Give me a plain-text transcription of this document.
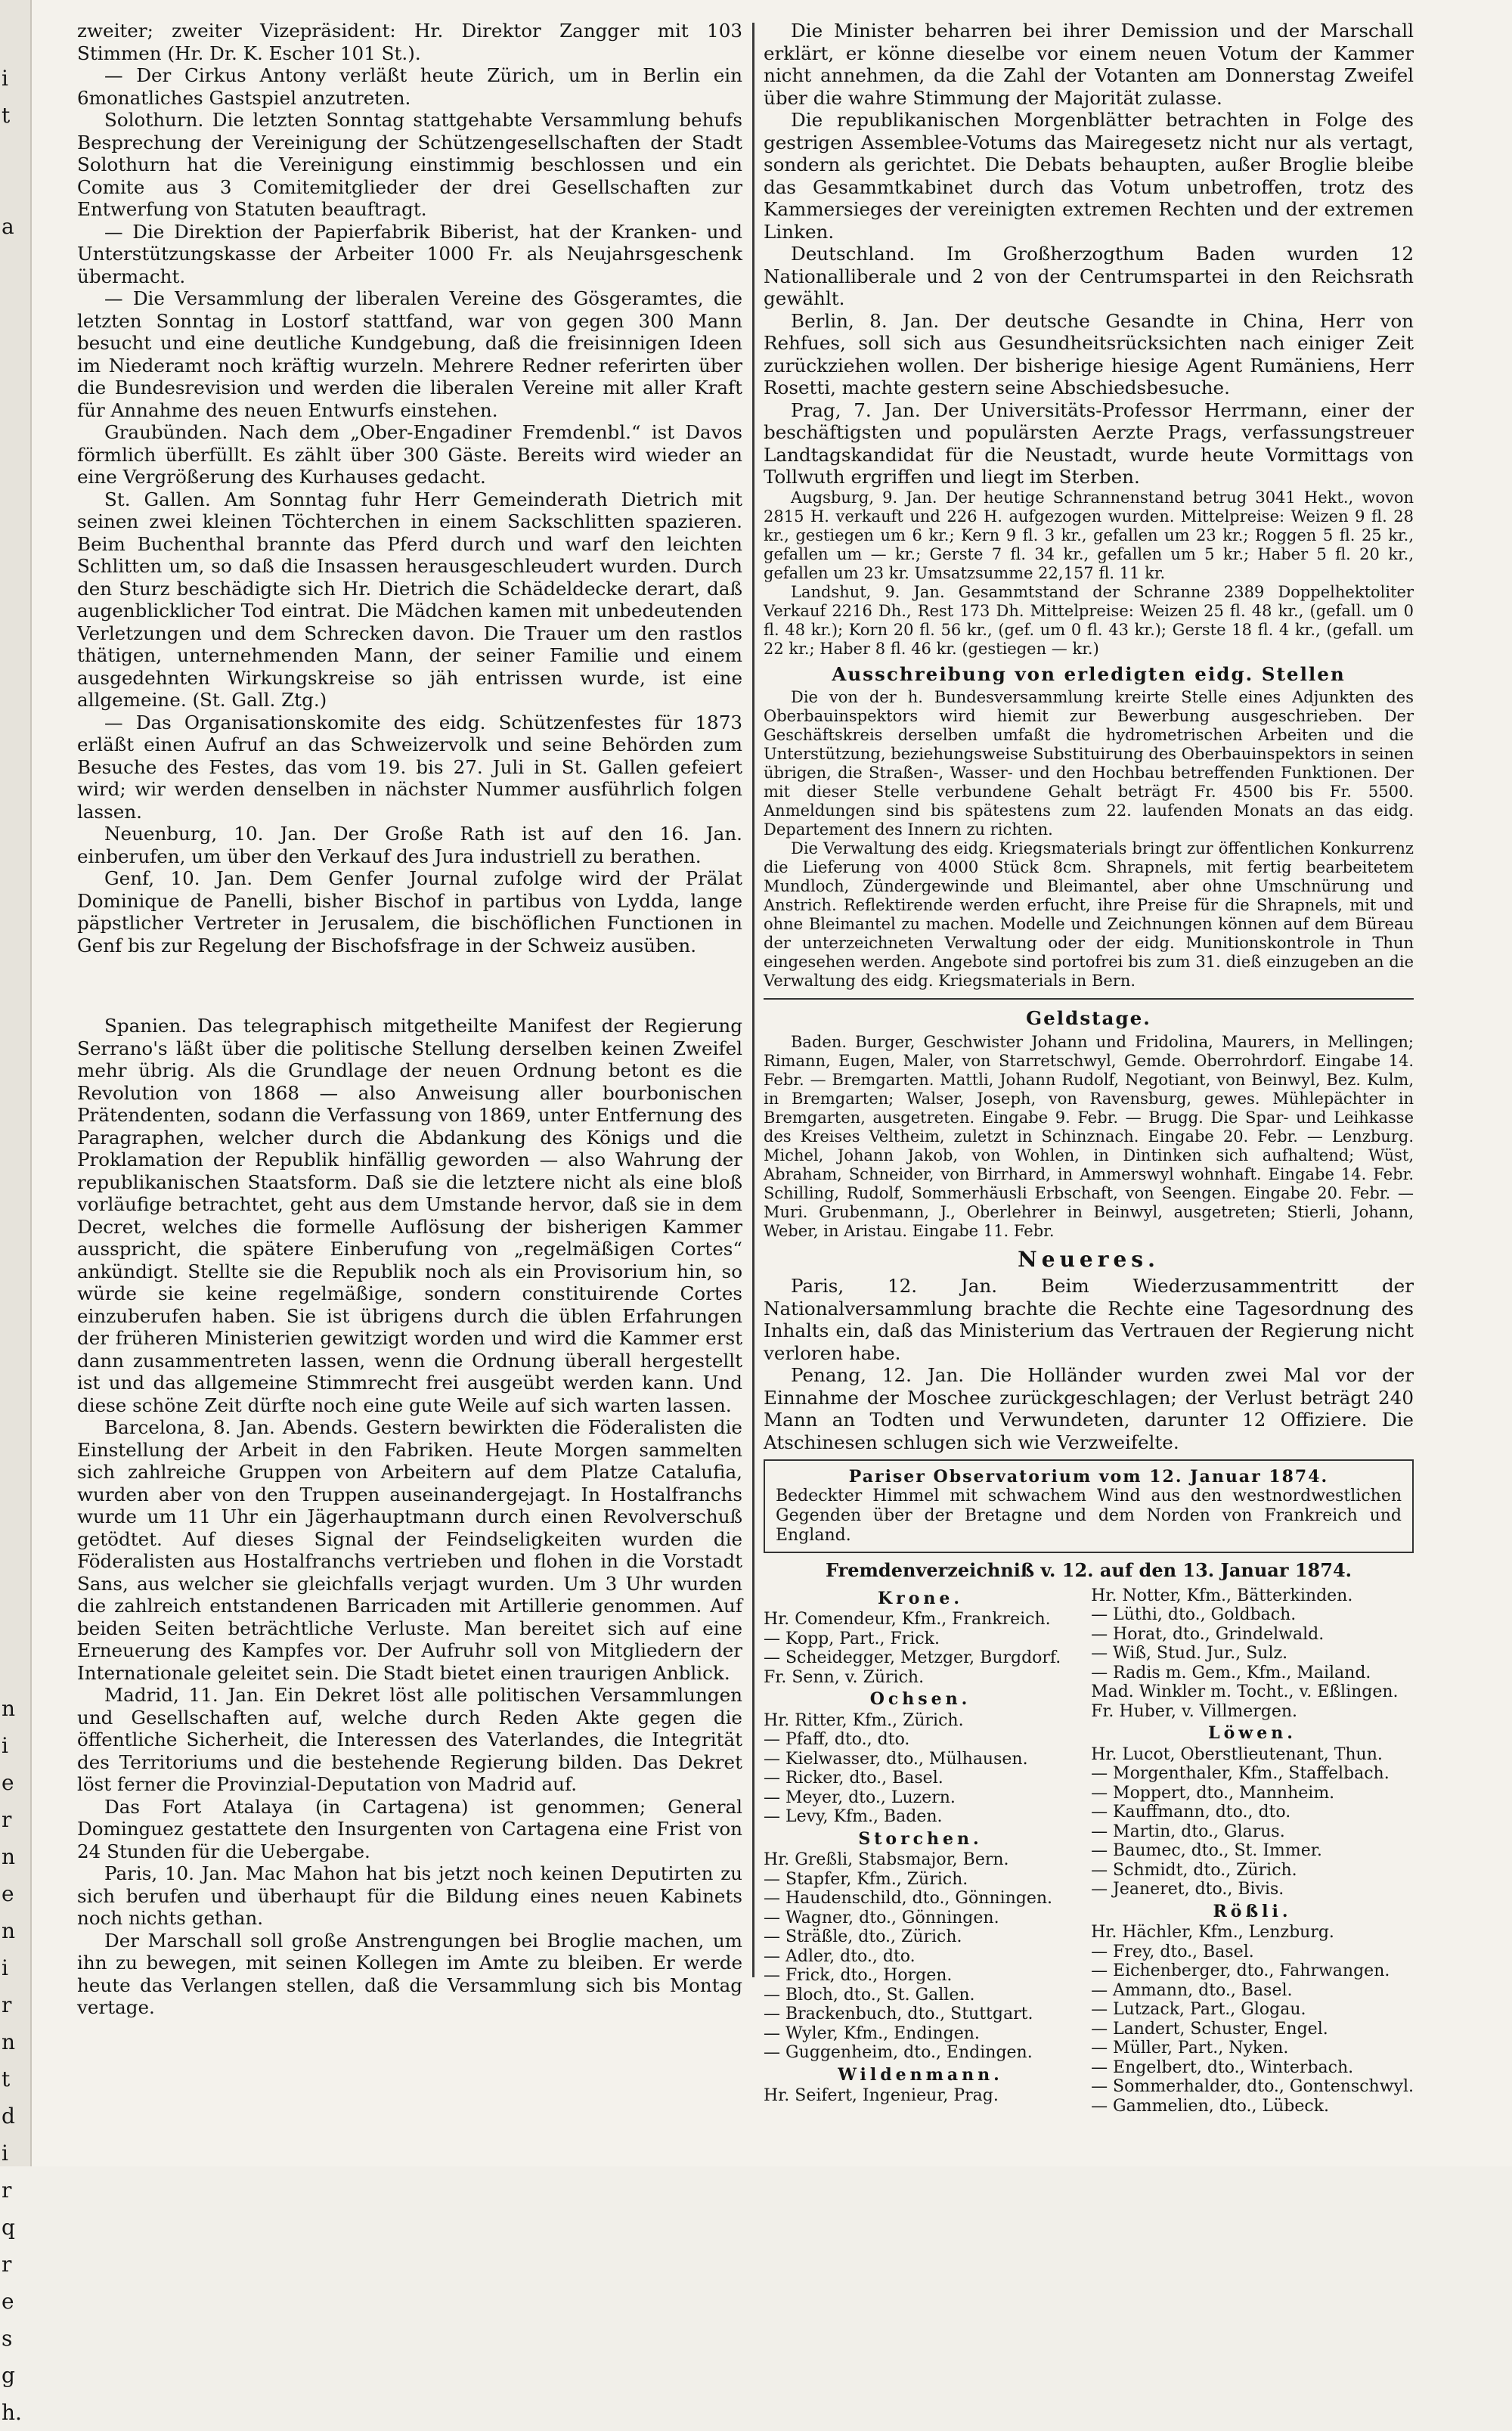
i
t
a
n
i
e
r
n
e
n
i
r
n
t
d
i
r
q
r
e
s
g
h.

zweiter; zweiter Vizepräsident: Hr. Direktor Zangger mit 103 Stimmen (Hr. Dr. K. Escher 101 St.).

— Der Cirkus Antony verläßt heute Zürich, um in Berlin ein 6monatliches Gastspiel anzutreten.

Solothurn. Die letzten Sonntag stattgehabte Versammlung behufs Besprechung der Vereinigung der Schützengesellschaften der Stadt Solothurn hat die Vereinigung einstimmig beschlossen und ein Comite aus 3 Comitemitglieder der drei Gesellschaften zur Entwerfung von Statuten beauftragt.

— Die Direktion der Papierfabrik Biberist, hat der Kranken- und Unterstützungskasse der Arbeiter 1000 Fr. als Neujahrsgeschenk übermacht.

— Die Versammlung der liberalen Vereine des Gösgeramtes, die letzten Sonntag in Lostorf stattfand, war von gegen 300 Mann besucht und eine deutliche Kundgebung, daß die freisinnigen Ideen im Niederamt noch kräftig wurzeln. Mehrere Redner referirten über die Bundesrevision und werden die liberalen Vereine mit aller Kraft für Annahme des neuen Entwurfs einstehen.

Graubünden. Nach dem „Ober-Engadiner Fremdenbl.“ ist Davos förmlich überfüllt. Es zählt über 300 Gäste. Bereits wird wieder an eine Vergrößerung des Kurhauses gedacht.

St. Gallen. Am Sonntag fuhr Herr Gemeinderath Dietrich mit seinen zwei kleinen Töchterchen in einem Sackschlitten spazieren. Beim Buchenthal brannte das Pferd durch und warf den leichten Schlitten um, so daß die Insassen herausgeschleudert wurden. Durch den Sturz beschädigte sich Hr. Dietrich die Schädeldecke derart, daß augenblicklicher Tod eintrat. Die Mädchen kamen mit unbedeutenden Verletzungen und dem Schrecken davon. Die Trauer um den rastlos thätigen, unternehmenden Mann, der seiner Familie und einem ausgedehnten Wirkungskreise so jäh entrissen wurde, ist eine allgemeine. (St. Gall. Ztg.)

— Das Organisationskomite des eidg. Schützenfestes für 1873 erläßt einen Aufruf an das Schweizervolk und seine Behörden zum Besuche des Festes, das vom 19. bis 27. Juli in St. Gallen gefeiert wird; wir werden denselben in nächster Nummer ausführlich folgen lassen.

Neuenburg, 10. Jan. Der Große Rath ist auf den 16. Jan. einberufen, um über den Verkauf des Jura industriell zu berathen.

Genf, 10. Jan. Dem Genfer Journal zufolge wird der Prälat Dominique de Panelli, bisher Bischof in partibus von Lydda, lange päpstlicher Vertreter in Jerusalem, die bischöflichen Functionen in Genf bis zur Regelung der Bischofsfrage in der Schweiz ausüben.

Spanien. Das telegraphisch mitgetheilte Manifest der Regierung Serrano's läßt über die politische Stellung derselben keinen Zweifel mehr übrig. Als die Grundlage der neuen Ordnung betont es die Revolution von 1868 — also Anweisung aller bourbonischen Prätendenten, sodann die Verfassung von 1869, unter Entfernung des Paragraphen, welcher durch die Abdankung des Königs und die Proklamation der Republik hinfällig geworden — also Wahrung der republikanischen Staatsform. Daß sie die letztere nicht als eine bloß vorläufige betrachtet, geht aus dem Umstande hervor, daß sie in dem Decret, welches die formelle Auflösung der bisherigen Kammer ausspricht, die spätere Einberufung von „regelmäßigen Cortes“ ankündigt. Stellte sie die Republik noch als ein Provisorium hin, so würde sie keine regelmäßige, sondern constituirende Cortes einzuberufen haben. Sie ist übrigens durch die üblen Erfahrungen der früheren Ministerien gewitzigt worden und wird die Kammer erst dann zusammentreten lassen, wenn die Ordnung überall hergestellt ist und das allgemeine Stimmrecht frei ausgeübt werden kann. Und diese schöne Zeit dürfte noch eine gute Weile auf sich warten lassen.

Barcelona, 8. Jan. Abends. Gestern bewirkten die Föderalisten die Einstellung der Arbeit in den Fabriken. Heute Morgen sammelten sich zahlreiche Gruppen von Arbeitern auf dem Platze Catalufia, wurden aber von den Truppen auseinandergejagt. In Hostalfranchs wurde um 11 Uhr ein Jägerhauptmann durch einen Revolverschuß getödtet. Auf dieses Signal der Feindseligkeiten wurden die Föderalisten aus Hostalfranchs vertrieben und flohen in die Vorstadt Sans, aus welcher sie gleichfalls verjagt wurden. Um 3 Uhr wurden die zahlreich entstandenen Barricaden mit Artillerie genommen. Auf beiden Seiten beträchtliche Verluste. Man bereitet sich auf eine Erneuerung des Kampfes vor. Der Aufruhr soll von Mitgliedern der Internationale geleitet sein. Die Stadt bietet einen traurigen Anblick.

Madrid, 11. Jan. Ein Dekret löst alle politischen Versammlungen und Gesellschaften auf, welche durch Reden Akte gegen die öffentliche Sicherheit, die Interessen des Vaterlandes, die Integrität des Territoriums und die bestehende Regierung bilden. Das Dekret löst ferner die Provinzial-Deputation von Madrid auf.

Das Fort Atalaya (in Cartagena) ist genommen; General Dominguez gestattete den Insurgenten von Cartagena eine Frist von 24 Stunden für die Uebergabe.

Paris, 10. Jan. Mac Mahon hat bis jetzt noch keinen Deputirten zu sich berufen und überhaupt für die Bildung eines neuen Kabinets noch nichts gethan.

Der Marschall soll große Anstrengungen bei Broglie machen, um ihn zu bewegen, mit seinen Kollegen im Amte zu bleiben. Er werde heute das Verlangen stellen, daß die Versammlung sich bis Montag vertage.

Die Minister beharren bei ihrer Demission und der Marschall erklärt, er könne dieselbe vor einem neuen Votum der Kammer nicht annehmen, da die Zahl der Votanten am Donnerstag Zweifel über die wahre Stimmung der Majorität zulasse.

Die republikanischen Morgenblätter betrachten in Folge des gestrigen Assemblee-Votums das Mairegesetz nicht nur als vertagt, sondern als gerichtet. Die Debats behaupten, außer Broglie bleibe das Gesammtkabinet durch das Votum unbetroffen, trotz des Kammersieges der vereinigten extremen Rechten und der extremen Linken.

Deutschland. Im Großherzogthum Baden wurden 12 Nationalliberale und 2 von der Centrumspartei in den Reichsrath gewählt.

Berlin, 8. Jan. Der deutsche Gesandte in China, Herr von Rehfues, soll sich aus Gesundheitsrücksichten nach einiger Zeit zurückziehen wollen. Der bisherige hiesige Agent Rumäniens, Herr Rosetti, machte gestern seine Abschiedsbesuche.

Prag, 7. Jan. Der Universitäts-Professor Herrmann, einer der beschäftigsten und populärsten Aerzte Prags, verfassungstreuer Landtagskandidat für die Neustadt, wurde heute Vormittags von Tollwuth ergriffen und liegt im Sterben.

Augsburg, 9. Jan. Der heutige Schrannenstand betrug 3041 Hekt., wovon 2815 H. verkauft und 226 H. aufgezogen wurden. Mittelpreise: Weizen 9 fl. 28 kr., gestiegen um 6 kr.; Kern 9 fl. 3 kr., gefallen um 23 kr.; Roggen 5 fl. 25 kr., gefallen um — kr.; Gerste 7 fl. 34 kr., gefallen um 5 kr.; Haber 5 fl. 20 kr., gefallen um 23 kr. Umsatzsumme 22,157 fl. 11 kr.

Landshut, 9. Jan. Gesammtstand der Schranne 2389 Doppelhektoliter Verkauf 2216 Dh., Rest 173 Dh. Mittelpreise: Weizen 25 fl. 48 kr., (gefall. um 0 fl. 48 kr.); Korn 20 fl. 56 kr., (gef. um 0 fl. 43 kr.); Gerste 18 fl. 4 kr., (gefall. um 22 kr.; Haber 8 fl. 46 kr. (gestiegen — kr.)

Ausschreibung von erledigten eidg. Stellen

Die von der h. Bundesversammlung kreirte Stelle eines Adjunkten des Oberbauinspektors wird hiemit zur Bewerbung ausgeschrieben. Der Geschäftskreis derselben umfaßt die hydrometrischen Arbeiten und die Unterstützung, beziehungsweise Substituirung des Oberbauinspektors in seinen übrigen, die Straßen-, Wasser- und den Hochbau betreffenden Funktionen. Der mit dieser Stelle verbundene Gehalt beträgt Fr. 4500 bis Fr. 5500. Anmeldungen sind bis spätestens zum 22. laufenden Monats an das eidg. Departement des Innern zu richten.

Die Verwaltung des eidg. Kriegsmaterials bringt zur öffentlichen Konkurrenz die Lieferung von 4000 Stück 8cm. Shrapnels, mit fertig bearbeitetem Mundloch, Zündergewinde und Bleimantel, aber ohne Umschnürung und Anstrich. Reflektirende werden erfucht, ihre Preise für die Shrapnels, mit und ohne Bleimantel zu machen. Modelle und Zeichnungen können auf dem Büreau der unterzeichneten Verwaltung oder der eidg. Munitionskontrole in Thun eingesehen werden. Angebote sind portofrei bis zum 31. dieß einzugeben an die Verwaltung des eidg. Kriegsmaterials in Bern.

Geldstage.

Baden. Burger, Geschwister Johann und Fridolina, Maurers, in Mellingen; Rimann, Eugen, Maler, von Starretschwyl, Gemde. Oberrohrdorf. Eingabe 14. Febr. — Bremgarten. Mattli, Johann Rudolf, Negotiant, von Beinwyl, Bez. Kulm, in Bremgarten; Walser, Joseph, von Ravensburg, gewes. Mühlepächter in Bremgarten, ausgetreten. Eingabe 9. Febr. — Brugg. Die Spar- und Leihkasse des Kreises Veltheim, zuletzt in Schinznach. Eingabe 20. Febr. — Lenzburg. Michel, Johann Jakob, von Wohlen, in Dintinken sich aufhaltend; Wüst, Abraham, Schneider, von Birrhard, in Ammerswyl wohnhaft. Eingabe 14. Febr. Schilling, Rudolf, Sommerhäusli Erbschaft, von Seengen. Eingabe 20. Febr. — Muri. Grubenmann, J., Oberlehrer in Beinwyl, ausgetreten; Stierli, Johann, Weber, in Aristau. Eingabe 11. Febr.

Neueres.

Paris, 12. Jan. Beim Wiederzusammentritt der Nationalversammlung brachte die Rechte eine Tagesordnung des Inhalts ein, daß das Ministerium das Vertrauen der Regierung nicht verloren habe.

Penang, 12. Jan. Die Holländer wurden zwei Mal vor der Einnahme der Moschee zurückgeschlagen; der Verlust beträgt 240 Mann an Todten und Verwundeten, darunter 12 Offiziere. Die Atschinesen schlugen sich wie Verzweifelte.

Pariser Observatorium vom 12. Januar 1874.
Bedeckter Himmel mit schwachem Wind aus den westnordwestlichen Gegenden über der Bretagne und dem Norden von Frankreich und England.
Fremdenverzeichniß v. 12. auf den 13. Januar 1874.
Krone.
Hr. Comendeur, Kfm., Frankreich.
— Kopp, Part., Frick.
— Scheidegger, Metzger, Burgdorf.
Fr. Senn, v. Zürich.
Ochsen.
Hr. Ritter, Kfm., Zürich.
— Pfaff, dto., dto.
— Kielwasser, dto., Mülhausen.
— Ricker, dto., Basel.
— Meyer, dto., Luzern.
— Levy, Kfm., Baden.
Storchen.
Hr. Greßli, Stabsmajor, Bern.
— Stapfer, Kfm., Zürich.
— Haudenschild, dto., Gönningen.
— Wagner, dto., Gönningen.
— Sträßle, dto., Zürich.
— Adler, dto., dto.
— Frick, dto., Horgen.
— Bloch, dto., St. Gallen.
— Brackenbuch, dto., Stuttgart.
— Wyler, Kfm., Endingen.
— Guggenheim, dto., Endingen.
Wildenmann.
Hr. Seifert, Ingenieur, Prag.
Hr. Notter, Kfm., Bätterkinden.
— Lüthi, dto., Goldbach.
— Horat, dto., Grindelwald.
— Wiß, Stud. Jur., Sulz.
— Radis m. Gem., Kfm., Mailand.
Mad. Winkler m. Tocht., v. Eßlingen.
Fr. Huber, v. Villmergen.
Löwen.
Hr. Lucot, Oberstlieutenant, Thun.
— Morgenthaler, Kfm., Staffelbach.
— Moppert, dto., Mannheim.
— Kauffmann, dto., dto.
— Martin, dto., Glarus.
— Baumec, dto., St. Immer.
— Schmidt, dto., Zürich.
— Jeaneret, dto., Bivis.
Rößli.
Hr. Hächler, Kfm., Lenzburg.
— Frey, dto., Basel.
— Eichenberger, dto., Fahrwangen.
— Ammann, dto., Basel.
— Lutzack, Part., Glogau.
— Landert, Schuster, Engel.
— Müller, Part., Nyken.
— Engelbert, dto., Winterbach.
— Sommerhalder, dto., Gontenschwyl.
— Gammelien, dto., Lübeck.
